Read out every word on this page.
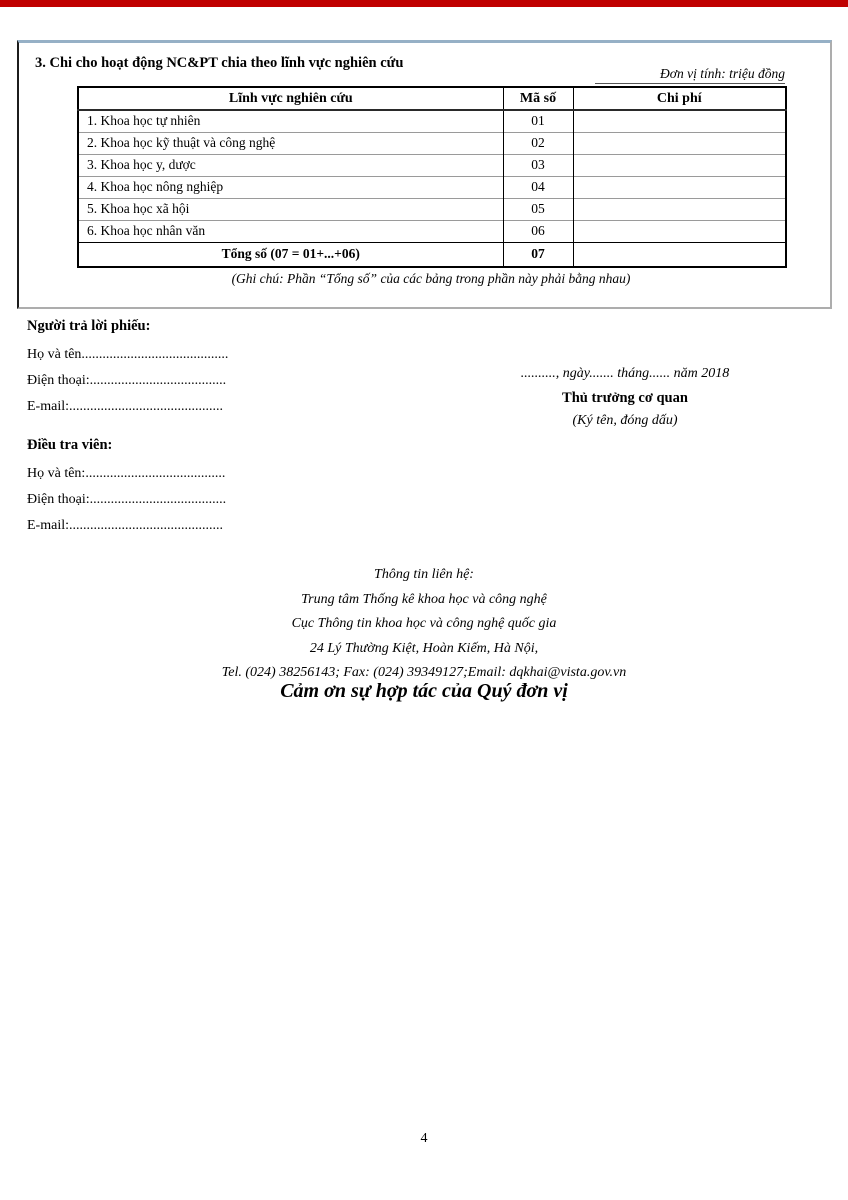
3. Chi cho hoạt động NC&PT chia theo lĩnh vực nghiên cứu
Đơn vị tính: triệu đồng
Lĩnh vực nghiên cứu	Mã số	Chi phí
1. Khoa học tự nhiên	01	
2. Khoa học kỹ thuật và công nghệ	02	
3. Khoa học y, dược	03	
4. Khoa học nông nghiệp	04	
5. Khoa học xã hội	05	
6. Khoa học nhân văn	06	
Tổng số (07 = 01+...+06)	07	
(Ghi chú: Phần “Tổng số” của các bảng trong phần này phải bằng nhau)
Người trả lời phiếu:
Họ và tên..........................................
Điện thoại:.......................................
E-mail:............................................
.........., ngày....... tháng...... năm 2018
Thủ trưởng cơ quan
(Ký tên, đóng dấu)
Điều tra viên:
Họ và tên:........................................
Điện thoại:.......................................
E-mail:............................................
Thông tin liên hệ:
Trung tâm Thống kê khoa học và công nghệ
Cục Thông tin khoa học và công nghệ quốc gia
24 Lý Thường Kiệt, Hoàn Kiếm, Hà Nội,
Tel. (024) 38256143; Fax: (024) 39349127;Email: dqkhai@vista.gov.vn
Cảm ơn sự hợp tác của Quý đơn vị
4
